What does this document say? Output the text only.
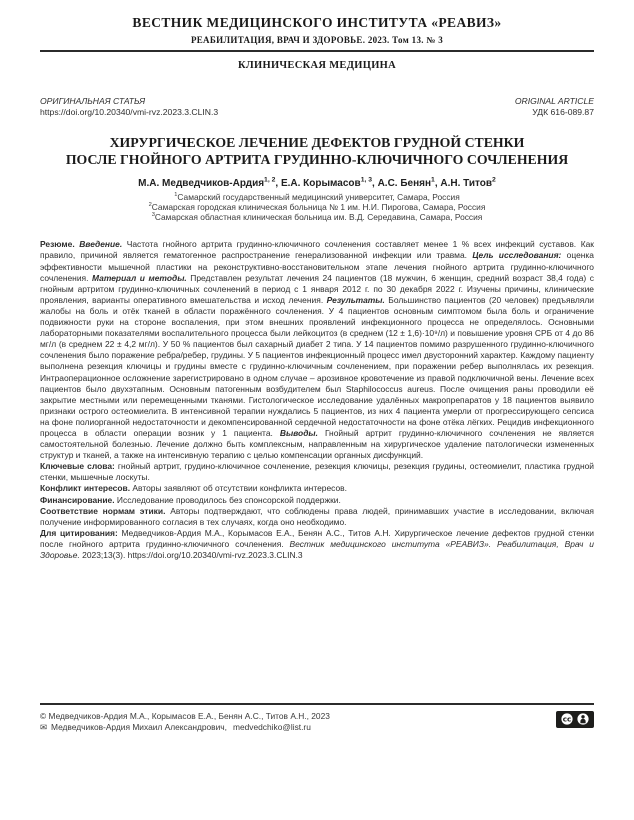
ВЕСТНИК МЕДИЦИНСКОГО ИНСТИТУТА «РЕАВИЗ»
РЕАБИЛИТАЦИЯ, ВРАЧ И ЗДОРОВЬЕ. 2023. Том 13. № 3
КЛИНИЧЕСКАЯ МЕДИЦИНА
ОРИГИНАЛЬНАЯ СТАТЬЯ
https://doi.org/10.20340/vmi-rvz.2023.3.CLIN.3
ORIGINAL ARTICLE
УДК 616-089.87
ХИРУРГИЧЕСКОЕ ЛЕЧЕНИЕ ДЕФЕКТОВ ГРУДНОЙ СТЕНКИ
ПОСЛЕ ГНОЙНОГО АРТРИТА ГРУДИННО-КЛЮЧИЧНОГО СОЧЛЕНЕНИЯ
М.А. Медведчиков-Ардия$^{1, 2}$, Е.А. Корымасов$^{1, 3}$, А.С. Бенян$^1$, А.Н. Титов$^2$
$^1$Самарский государственный медицинский университет, Самара, Россия
$^2$Самарская городская клиническая больница № 1 им. Н.И. Пирогова, Самара, Россия
$^3$Самарская областная клиническая больница им. В.Д. Середавина, Самара, Россия

Резюме. Введение. Частота гнойного артрита грудинно-ключичного сочленения составляет менее 1 % всех инфекций суставов. Как правило, причиной является гематогенное распространение генерализованной инфекции или травма. Цель исследования: оценка эффективности мышечной пластики на реконструктивно-восстановительном этапе лечения гнойного артрита грудинно-ключичного сочленения. Материал и методы. Представлен результат лечения 24 пациентов (18 мужчин, 6 женщин, средний возраст 38,4 года) с гнойным артритом грудинно-ключичных сочленений в период с 1 января 2012 г. по 30 декабря 2022 г. Изучены причины, клинические проявления, варианты оперативного вмешательства и исход лечения. Результаты. Большинство пациентов (20 человек) предъявляли жалобы на боль и отёк тканей в области поражённого сочленения. У 4 пациентов основным симптомом была боль и ограничение подвижности руки на стороне воспаления, при этом внешних проявлений инфекционного процесса не определялось. Основными лабораторными показателями воспалительного процесса были лейкоцитоз (в среднем (12 ± 1,6)·10⁹/л) и повышение уровня СРБ от 4 до 86 мг/л (в среднем 22 ± 4,2 мг/л). У 50 % пациентов был сахарный диабет 2 типа. У 14 пациентов помимо разрушенного грудинно-ключичного сочленения было поражение ребра/ребер, грудины. У 5 пациентов инфекционный процесс имел двусторонний характер. Каждому пациенту выполнена резекция ключицы и грудины вместе с грудинно-ключичным сочленением, при поражении ребер выполнялась их резекция. Интраоперационное осложнение зарегистрировано в одном случае – арозивное кровотечение из правой подключичной вены. Лечение всех пациентов было двухэтапным. Основным патогенным возбудителем был Staphilococcus aureus. После очищения раны проводили её закрытие местными или перемещенными тканями. Гистологическое исследование удалённых макропрепаратов у 18 пациентов выявило признаки острого остеомиелита. В интенсивной терапии нуждались 5 пациентов, из них 4 пациента умерли от прогрессирующего сепсиса на фоне полиорганной недостаточности и декомпенсированной сердечной недостаточности на фоне отёка лёгких. Рецидив инфекционного процесса в области операции возник у 1 пациента. Выводы. Гнойный артрит грудинно-ключичного сочленения не является самостоятельной болезнью. Лечение должно быть комплексным, направленным на хирургическое удаление патологически измененных структур и тканей, а также на интенсивную терапию с целью компенсации органных дисфункций.

Ключевые слова: гнойный артрит, грудино-ключичное сочленение, резекция ключицы, резекция грудины, остеомиелит, пластика грудной стенки, мышечные лоскуты.

Конфликт интересов. Авторы заявляют об отсутствии конфликта интересов.

Финансирование. Исследование проводилось без спонсорской поддержки.

Соответствие нормам этики. Авторы подтверждают, что соблюдены права людей, принимавших участие в исследовании, включая получение информированного согласия в тех случаях, когда оно необходимо.

Для цитирования: Медведчиков-Ардия М.А., Корымасов Е.А., Бенян А.С., Титов А.Н. Хирургическое лечение дефектов грудной стенки после гнойного артрита грудинно-ключичного сочленения. Вестник медицинского института «РЕАВИЗ». Реабилитация, Врач и Здоровье. 2023;13(3). https://doi.org/10.20340/vmi-rvz.2023.3.CLIN.3

© Медведчиков-Ардия М.А., Корымасов Е.А., Бенян А.С., Титов А.Н., 2023
✉ Медведчиков-Ардия Михаил Александрович, medvedchiko@list.ru
cc
